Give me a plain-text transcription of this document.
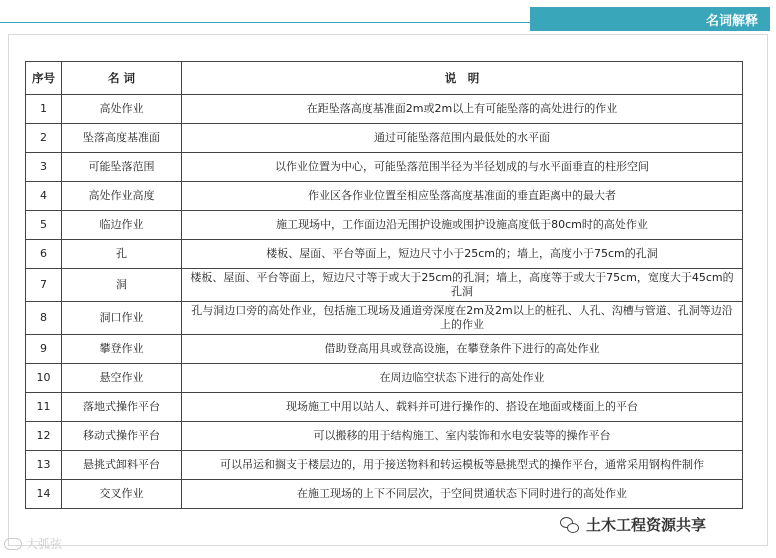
名词解释
序号	名 词	说　明
1	高处作业	在距坠落高度基准面2m或2m以上有可能坠落的高处进行的作业
2	坠落高度基准面	通过可能坠落范围内最低处的水平面
3	可能坠落范围	以作业位置为中心，可能坠落范围半径为半径划成的与水平面垂直的柱形空间
4	高处作业高度	作业区各作业位置至相应坠落高度基准面的垂直距离中的最大者
5	临边作业	施工现场中，工作面边沿无围护设施或围护设施高度低于80cm时的高处作业
6	孔	楼板、屋面、平台等面上，短边尺寸小于25cm的；墙上，高度小于75cm的孔洞
7	洞	楼板、屋面、平台等面上，短边尺寸等于或大于25cm的孔洞；墙上，高度等于或大于75cm，宽度大于45cm的孔洞
8	洞口作业	孔与洞边口旁的高处作业，包括施工现场及通道旁深度在2m及2m以上的桩孔、人孔、沟槽与管道、孔洞等边沿上的作业
9	攀登作业	借助登高用具或登高设施，在攀登条件下进行的高处作业
10	悬空作业	在周边临空状态下进行的高处作业
11	落地式操作平台	现场施工中用以站人、载料并可进行操作的、搭设在地面或楼面上的平台
12	移动式操作平台	可以搬移的用于结构施工、室内装饰和水电安装等的操作平台
13	悬挑式卸料平台	可以吊运和搁支于楼层边的，用于接送物料和转运模板等悬挑型式的操作平台，通常采用钢构件制作
14	交叉作业	在施工现场的上下不同层次，于空间贯通状态下同时进行的高处作业
大弧弦
土木工程资源共享
